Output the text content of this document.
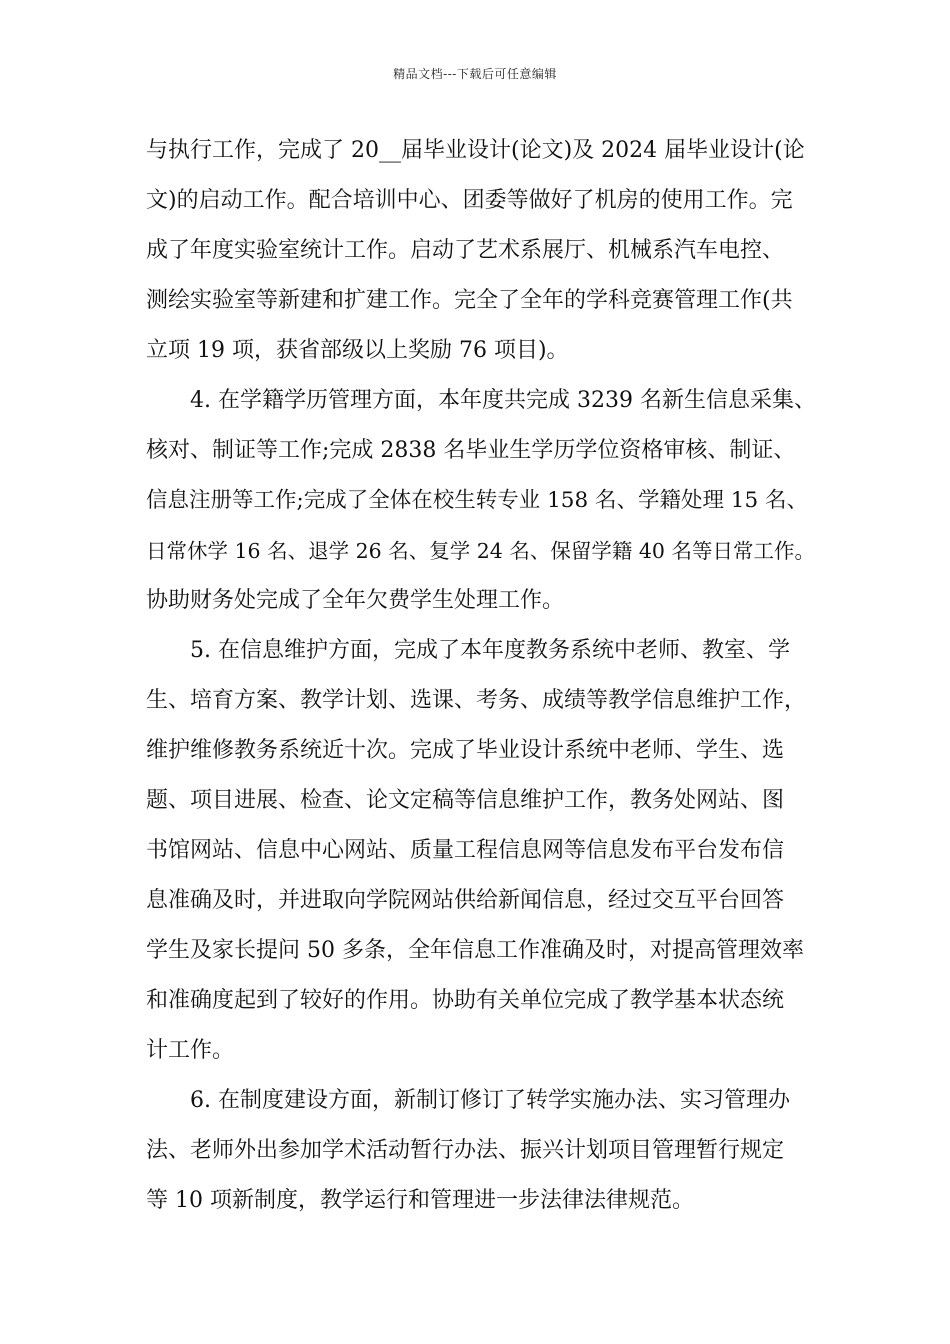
精品文档---下载后可任意编辑
与执行工作，完成了 20__届毕业设计(论文)及 2024 届毕业设计(论
文)的启动工作。配合培训中心、团委等做好了机房的使用工作。完
成了年度实验室统计工作。启动了艺术系展厅、机械系汽车电控、
测绘实验室等新建和扩建工作。完全了全年的学科竞赛管理工作(共
立项 19 项，获省部级以上奖励 76 项目)。
4. 在学籍学历管理方面，本年度共完成 3239 名新生信息采集、
核对、制证等工作;完成 2838 名毕业生学历学位资格审核、制证、
信息注册等工作;完成了全体在校生转专业 158 名、学籍处理 15 名、
日常休学 16 名、退学 26 名、复学 24 名、保留学籍 40 名等日常工作。
协助财务处完成了全年欠费学生处理工作。
5. 在信息维护方面，完成了本年度教务系统中老师、教室、学
生、培育方案、教学计划、选课、考务、成绩等教学信息维护工作，
维护维修教务系统近十次。完成了毕业设计系统中老师、学生、选
题、项目进展、检查、论文定稿等信息维护工作，教务处网站、图
书馆网站、信息中心网站、质量工程信息网等信息发布平台发布信
息准确及时，并进取向学院网站供给新闻信息，经过交互平台回答
学生及家长提问 50 多条，全年信息工作准确及时，对提高管理效率
和准确度起到了较好的作用。协助有关单位完成了教学基本状态统
计工作。
6. 在制度建设方面，新制订修订了转学实施办法、实习管理办
法、老师外出参加学术活动暂行办法、振兴计划项目管理暂行规定
等 10 项新制度，教学运行和管理进一步法律法律规范。
